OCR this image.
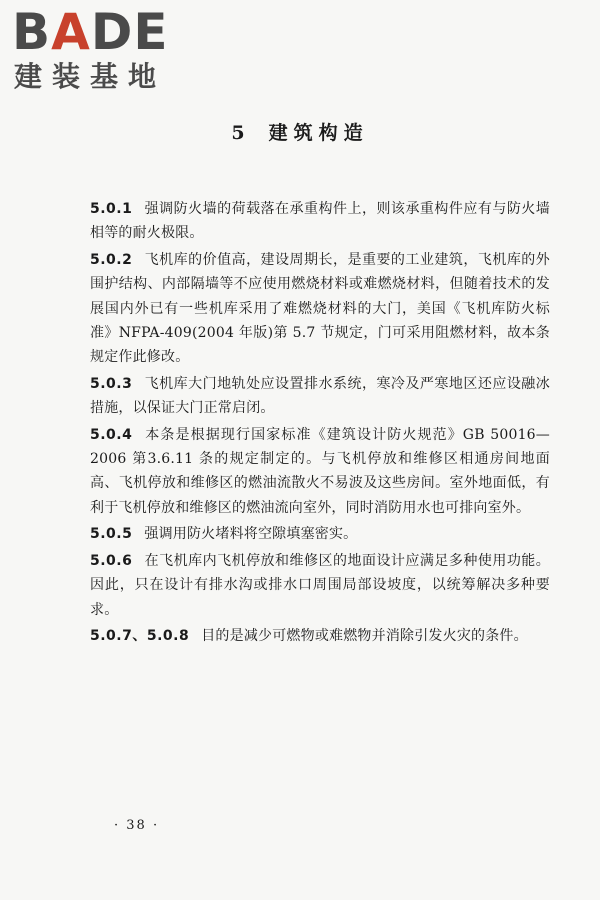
BADE
建装基地
5 建筑构造

5.0.1 强调防火墙的荷载落在承重构件上，则该承重构件应有与防火墙相等的耐火极限。

5.0.2 飞机库的价值高，建设周期长，是重要的工业建筑，飞机库的外围护结构、内部隔墙等不应使用燃烧材料或难燃烧材料，但随着技术的发展国内外已有一些机库采用了难燃烧材料的大门，美国《飞机库防火标准》NFPA-409(2004 年版)第 5.7 节规定，门可采用阻燃材料，故本条规定作此修改。

5.0.3 飞机库大门地轨处应设置排水系统，寒冷及严寒地区还应设融冰措施，以保证大门正常启闭。

5.0.4 本条是根据现行国家标准《建筑设计防火规范》GB 50016—2006 第3.6.11 条的规定制定的。与飞机停放和维修区相通房间地面高、飞机停放和维修区的燃油流散火不易波及这些房间。室外地面低，有利于飞机停放和维修区的燃油流向室外，同时消防用水也可排向室外。

5.0.5 强调用防火堵料将空隙填塞密实。

5.0.6 在飞机库内飞机停放和维修区的地面设计应满足多种使用功能。因此，只在设计有排水沟或排水口周围局部设坡度，以统筹解决多种要求。

5.0.7、5.0.8 目的是减少可燃物或难燃物并消除引发火灾的条件。

· 38 ·
